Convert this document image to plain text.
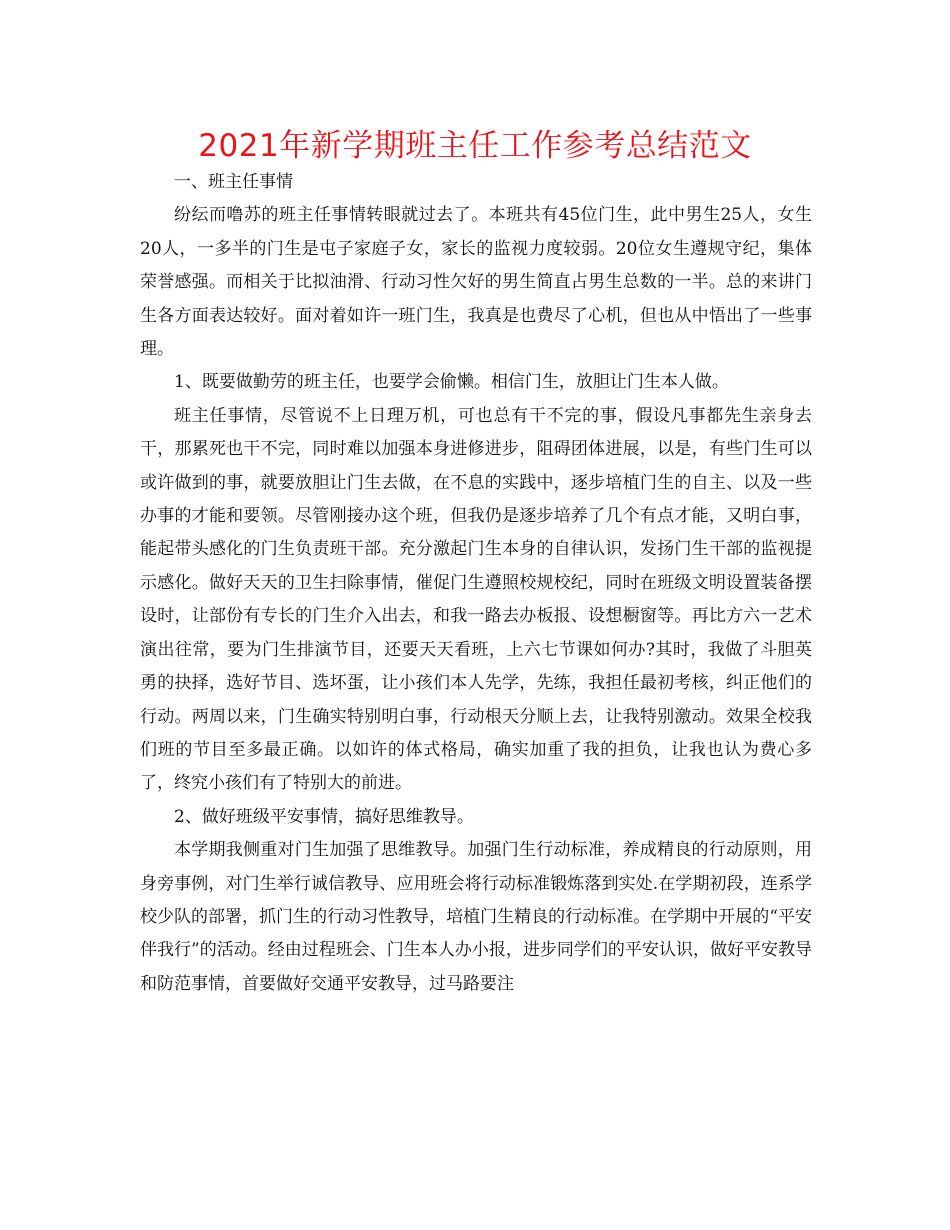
2021年新学期班主任工作参考总结范文

一、班主任事情

纷纭而噜苏的班主任事情转眼就过去了。本班共有45位门生，此中男生25人，女生20人，一多半的门生是屯子家庭子女，家长的监视力度较弱。20位女生遵规守纪，集体荣誉感强。而相关于比拟油滑、行动习性欠好的男生简直占男生总数的一半。总的来讲门生各方面表达较好。面对着如许一班门生，我真是也费尽了心机，但也从中悟出了一些事理。

1、既要做勤劳的班主任，也要学会偷懒。相信门生，放胆让门生本人做。

班主任事情，尽管说不上日理万机，可也总有干不完的事，假设凡事都先生亲身去干，那累死也干不完，同时难以加强本身进修进步，阻碍团体进展，以是，有些门生可以或许做到的事，就要放胆让门生去做，在不息的实践中，逐步培植门生的自主、以及一些办事的才能和要领。尽管刚接办这个班，但我仍是逐步培养了几个有点才能，又明白事，能起带头感化的门生负责班干部。充分激起门生本身的自律认识，发扬门生干部的监视提示感化。做好天天的卫生扫除事情，催促门生遵照校规校纪，同时在班级文明设置装备摆设时，让部份有专长的门生介入出去，和我一路去办板报、设想橱窗等。再比方六一艺术演出往常，要为门生排演节目，还要天天看班，上六七节课如何办?其时，我做了斗胆英勇的抉择，选好节目、选坏蛋，让小孩们本人先学，先练，我担任最初考核，纠正他们的行动。两周以来，门生确实特别明白事，行动根天分顺上去，让我特别激动。效果全校我们班的节目至多最正确。以如许的体式格局，确实加重了我的担负，让我也认为费心多了，终究小孩们有了特别大的前进。

2、做好班级平安事情，搞好思维教导。

本学期我侧重对门生加强了思维教导。加强门生行动标准，养成精良的行动原则，用身旁事例，对门生举行诚信教导、应用班会将行动标准锻炼落到实处.在学期初段，连系学校少队的部署，抓门生的行动习性教导，培植门生精良的行动标准。在学期中开展的“平安伴我行”的活动。经由过程班会、门生本人办小报，进步同学们的平安认识，做好平安教导和防范事情，首要做好交通平安教导，过马路要注
